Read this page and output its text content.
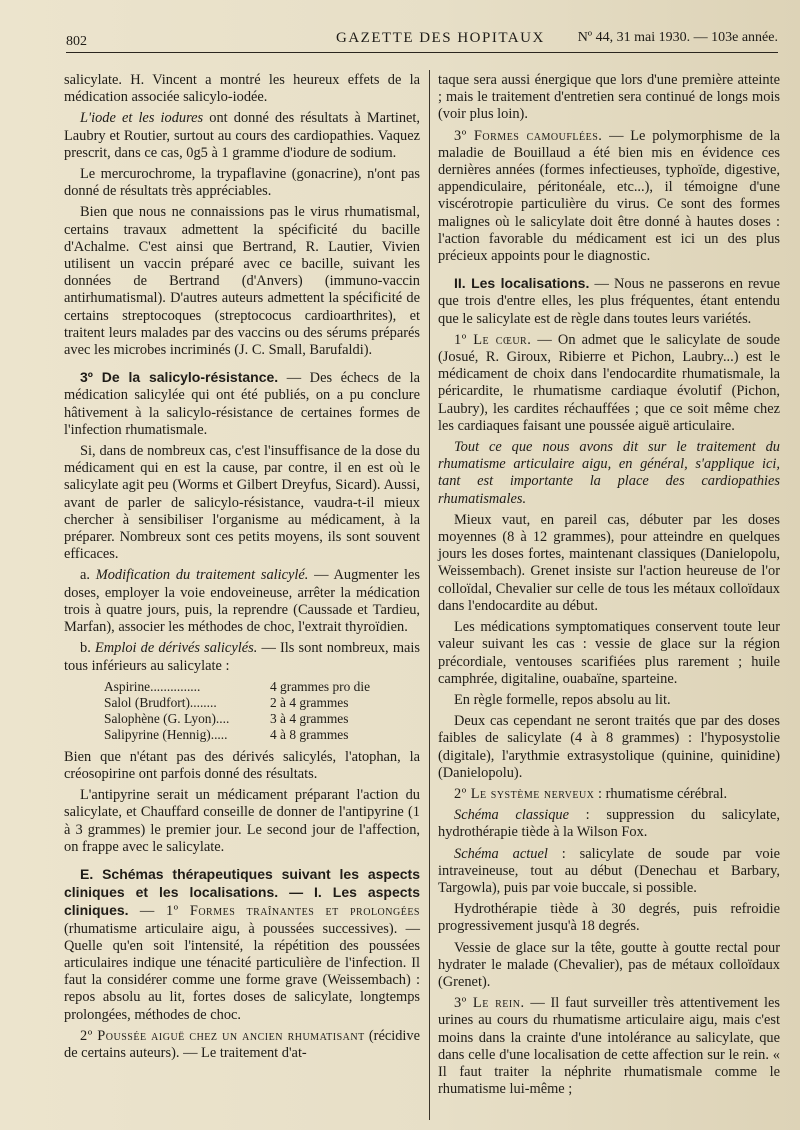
802	GAZETTE DES HOPITAUX Nº 44, 31 mai 1930. — 103e année.

salicylate. H. Vincent a montré les heureux effets de la médication associée salicylo-iodée.

L'iode et les iodures ont donné des résultats à Martinet, Laubry et Routier, surtout au cours des cardiopathies. Vaquez prescrit, dans ce cas, 0g5 à 1 gramme d'iodure de sodium.

Le mercurochrome, la trypaflavine (gonacrine), n'ont pas donné de résultats très appréciables.

Bien que nous ne connaissions pas le virus rhumatismal, certains travaux admettent la spécificité du bacille d'Achalme. C'est ainsi que Bertrand, R. Lautier, Vivien utilisent un vaccin préparé avec ce bacille, suivant les données de Bertrand (d'Anvers) (immuno-vaccin antirhumatismal). D'autres auteurs admettent la spécificité de certains streptocoques (streptococus cardioarthrites), et traitent leurs malades par des vaccins ou des sérums préparés avec les microbes incriminés (J. C. Small, Barufaldi).

3º De la salicylo-résistance. — Des échecs de la médication salicylée qui ont été publiés, on a pu conclure hâtivement à la salicylo-résistance de certaines formes de l'infection rhumatismale.

Si, dans de nombreux cas, c'est l'insuffisance de la dose du médicament qui en est la cause, par contre, il en est où le salicylate agit peu (Worms et Gilbert Dreyfus, Sicard). Aussi, avant de parler de salicylo-résistance, vaudra-t-il mieux chercher à sensibiliser l'organisme au médicament, à la préparer. Nombreux sont ces petits moyens, ils sont souvent efficaces.

a. Modification du traitement salicylé. — Augmenter les doses, employer la voie endoveineuse, arrêter la médication trois à quatre jours, puis, la reprendre (Caussade et Tardieu, Marfan), associer les méthodes de choc, l'extrait thyroïdien.

b. Emploi de dérivés salicylés. — Ils sont nombreux, mais tous inférieurs au salicylate :

Aspirine...............	4 grammes pro die
Salol (Brudfort)........	2 à 4 grammes
Salophène (G. Lyon)....	3 à 4 grammes
Salipyrine (Hennig).....	4 à 8 grammes

Bien que n'étant pas des dérivés salicylés, l'atophan, la créosopirine ont parfois donné des résultats.

L'antipyrine serait un médicament préparant l'action du salicylate, et Chauffard conseille de donner de l'antipyrine (1 à 3 grammes) le premier jour. Le second jour de l'affection, on frappe avec le salicylate.

E. Schémas thérapeutiques suivant les aspects cliniques et les localisations. — I. Les aspects cliniques. — 1º Formes traînantes et prolongées (rhumatisme articulaire aigu, à poussées successives). — Quelle qu'en soit l'intensité, la répétition des poussées articulaires indique une ténacité particulière de l'infection. Il faut la considérer comme une forme grave (Weissembach) : repos absolu au lit, fortes doses de salicylate, longtemps prolongées, méthodes de choc.

2º Poussée aiguë chez un ancien rhumatisant (récidive de certains auteurs). — Le traitement d'at-

taque sera aussi énergique que lors d'une première atteinte ; mais le traitement d'entretien sera continué de longs mois (voir plus loin).

3º Formes camouflées. — Le polymorphisme de la maladie de Bouillaud a été bien mis en évidence ces dernières années (formes infectieuses, typhoïde, digestive, appendiculaire, péritonéale, etc...), il témoigne d'une viscérotropie particulière du virus. Ce sont des formes malignes où le salicylate doit être donné à hautes doses : l'action favorable du médicament est ici un des plus précieux appoints pour le diagnostic.

II. Les localisations. — Nous ne passerons en revue que trois d'entre elles, les plus fréquentes, étant entendu que le salicylate est de règle dans toutes leurs variétés.

1º Le cœur. — On admet que le salicylate de soude (Josué, R. Giroux, Ribierre et Pichon, Laubry...) est le médicament de choix dans l'endocardite rhumatismale, la péricardite, le rhumatisme cardiaque évolutif (Pichon, Laubry), les cardites réchauffées ; que ce soit même chez les cardiaques faisant une poussée aiguë articulaire.

Tout ce que nous avons dit sur le traitement du rhumatisme articulaire aigu, en général, s'applique ici, tant est importante la place des cardiopathies rhumatismales.

Mieux vaut, en pareil cas, débuter par les doses moyennes (8 à 12 grammes), pour atteindre en quelques jours les doses fortes, maintenant classiques (Danielopolu, Weissembach). Grenet insiste sur l'action heureuse de l'or colloïdal, Chevalier sur celle de tous les métaux colloïdaux dans l'endocardite au début.

Les médications symptomatiques conservent toute leur valeur suivant les cas : vessie de glace sur la région précordiale, ventouses scarifiées plus rarement ; huile camphrée, digitaline, ouabaïne, sparteine.

En règle formelle, repos absolu au lit.

Deux cas cependant ne seront traités que par des doses faibles de salicylate (4 à 8 grammes) : l'hyposystolie (digitale), l'arythmie extrasystolique (quinine, quinidine) (Danielopolu).

2º Le système nerveux : rhumatisme cérébral.

Schéma classique : suppression du salicylate, hydrothérapie tiède à la Wilson Fox.

Schéma actuel : salicylate de soude par voie intraveineuse, tout au début (Denechau et Barbary, Targowla), puis par voie buccale, si possible.

Hydrothérapie tiède à 30 degrés, puis refroidie progressivement jusqu'à 18 degrés.

Vessie de glace sur la tête, goutte à goutte rectal pour hydrater le malade (Chevalier), pas de métaux colloïdaux (Grenet).

3º Le rein. — Il faut surveiller très attentivement les urines au cours du rhumatisme articulaire aigu, mais c'est moins dans la crainte d'une intolérance au salicylate, que dans celle d'une localisation de cette affection sur le rein. « Il faut traiter la néphrite rhumatismale comme le rhumatisme lui-même ;
